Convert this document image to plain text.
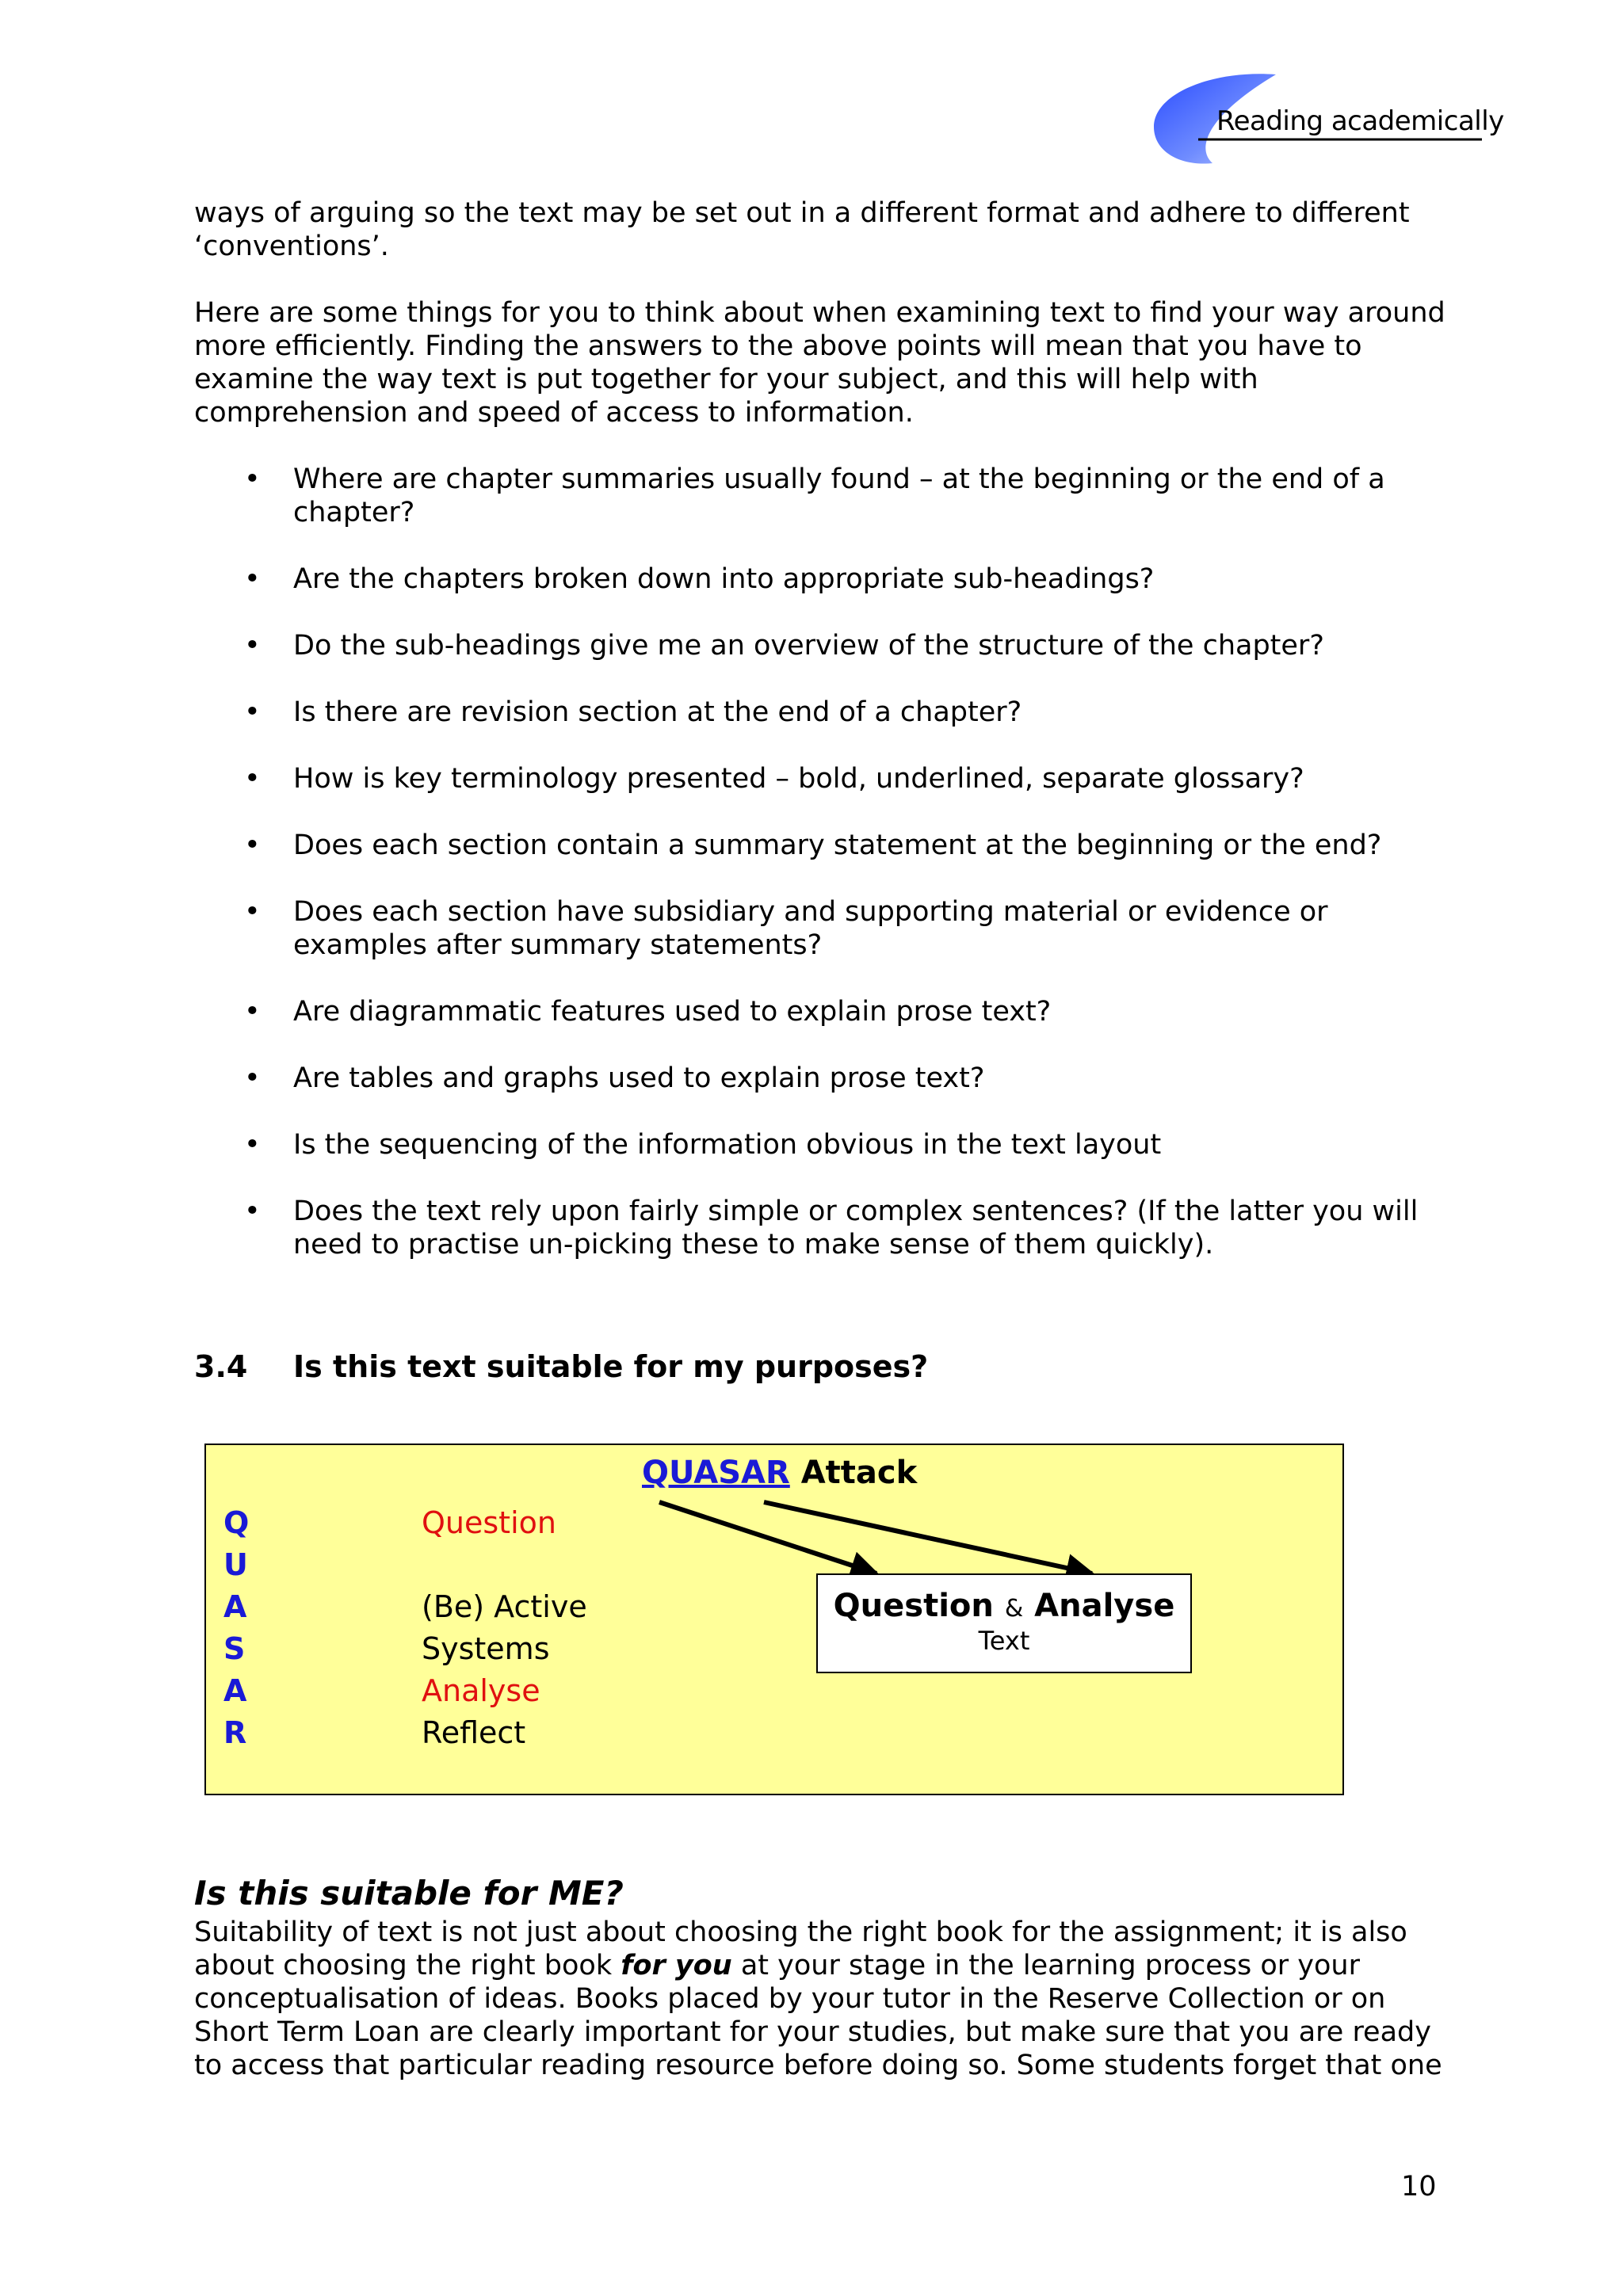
Reading academically

ways of arguing so the text may be set out in a different format and adhere to different ‘conventions’.

Here are some things for you to think about when examining text to find your way around more efficiently. Finding the answers to the above points will mean that you have to examine the way text is put together for your subject, and this will help with comprehension and speed of access to information.

• Where are chapter summaries usually found – at the beginning or the end of a chapter?
• Are the chapters broken down into appropriate sub-headings?
• Do the sub-headings give me an overview of the structure of the chapter?
• Is there are revision section at the end of a chapter?
• How is key terminology presented – bold, underlined, separate glossary?
• Does each section contain a summary statement at the beginning or the end?
• Does each section have subsidiary and supporting material or evidence or examples after summary statements?
• Are diagrammatic features used to explain prose text?
• Are tables and graphs used to explain prose text?
• Is the sequencing of the information obvious in the text layout
• Does the text rely upon fairly simple or complex sentences? (If the latter you will need to practise un-picking these to make sense of them quickly).
3.4 Is this text suitable for my purposes?
QUASAR Attack
Q
U
A
S
A
R
Question
(Be) Active
Systems
Analyse
Reflect
Question & Analyse
Text
Is this suitable for ME?

Suitability of text is not just about choosing the right book for the assignment; it is also about choosing the right book for you at your stage in the learning process or your conceptualisation of ideas. Books placed by your tutor in the Reserve Collection or on Short Term Loan are clearly important for your studies, but make sure that you are ready to access that particular reading resource before doing so. Some students forget that one

10
